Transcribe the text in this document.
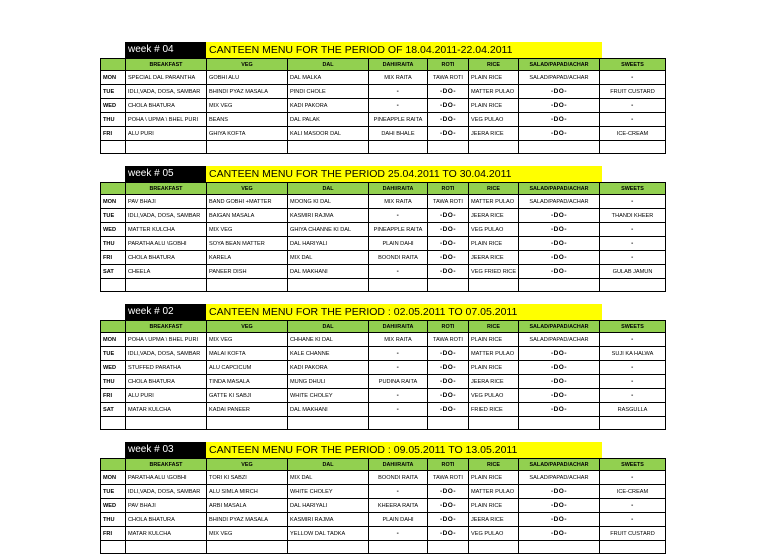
week # 04	CANTEEN MENU FOR THE PERIOD OF 18.04.2011-22.04.2011
	BREAKFAST	VEG	DAL	DAHI/RAITA	ROTI	RICE	SALAD/PAPAD/ACHAR	SWEETS
MON	SPECIAL DAL PARANTHA	GOBHI ALU	DAL MALKA	MIX RAITA	TAWA ROTI	PLAIN RICE	SALAD/PAPAD/ACHAR	-
TUE	IDLI,VADA, DOSA, SAMBAR	BHINDI PYAZ MASALA	PINDI CHOLE	-	-DO-	MATTER PULAO	-DO-	FRUIT CUSTARD
WED	CHOLA BHATURA	MIX VEG	KADI PAKORA	-	-DO-	PLAIN RICE	-DO-	-
THU	POHA \ UPMA \ BHEL PURI	BEANS	DAL PALAK	PINEAPPLE RAITA	-DO-	VEG PULAO	-DO-	-
FRI	ALU PURI	GHIYA KOFTA	KALI MASOOR DAL	DAHI BHALE	-DO-	JEERA RICE	-DO-	ICE-CREAM

week # 05	CANTEEN MENU FOR THE PERIOD 25.04.2011 TO 30.04.2011
	BREAKFAST	VEG	DAL	DAHI/RAITA	ROTI	RICE	SALAD/PAPAD/ACHAR	SWEETS
MON	PAV BHAJI	BAND GOBHI +MATTER	MOONG KI DAL	MIX RAITA	TAWA ROTI	MATTER PULAO	SALAD/PAPAD/ACHAR	-
TUE	IDLI,VADA, DOSA, SAMBAR	BAIGAN MASALA	KASMIRI RAJMA	-	-DO-	JEERA RICE	-DO-	THANDI KHEER
WED	MATTER KULCHA	MIX VEG	GHIYA CHANNE KI DAL	PINEAPPLE RAITA	-DO-	VEG PULAO	-DO-	-
THU	PARATHA ALU \GOBHI	SOYA BEAN MATTER	DAL HARIYALI	PLAIN DAHI	-DO-	PLAIN RICE	-DO-	-
FRI	CHOLA BHATURA	KARELA	MIX DAL	BOONDI RAITA	-DO-	JEERA RICE	-DO-	-
SAT	CHEELA	PANEER DISH	DAL MAKHANI	-	-DO-	VEG FRIED RICE	-DO-	GULAB JAMUN

week # 02	CANTEEN MENU FOR THE PERIOD : 02.05.2011 TO 07.05.2011
	BREAKFAST	VEG	DAL	DAHI/RAITA	ROTI	RICE	SALAD/PAPAD/ACHAR	SWEETS
MON	POHA \ UPMA \ BHEL PURI	MIX VEG	CHHANE KI DAL	MIX RAITA	TAWA ROTI	PLAIN RICE	SALAD/PAPAD/ACHAR	-
TUE	IDLI,VADA, DOSA, SAMBAR	MALAI KOFTA	KALE CHANNE	-	-DO-	MATTER PULAO	-DO-	SUJI KA HALWA
WED	STUFFED PARATHA	ALU CAPCICUM	KADI PAKORA	-	-DO-	PLAIN RICE	-DO-	-
THU	CHOLA BHATURA	TINDA MASALA	MUNG DHULI	PUDINA RAITA	-DO-	JEERA RICE	-DO-	-
FRI	ALU PURI	GATTE KI SABJI	WHITE CHOLEY	-	-DO-	VEG PULAO	-DO-	-
SAT	MATAR KULCHA	KADAI PANEER	DAL MAKHANI	-	-DO-	FRIED RICE	-DO-	RASGULLA

week # 03	CANTEEN MENU FOR THE PERIOD : 09.05.2011 TO 13.05.2011
	BREAKFAST	VEG	DAL	DAHI/RAITA	ROTI	RICE	SALAD/PAPAD/ACHAR	SWEETS
MON	PARATHA ALU \GOBHI	TORI KI SABZI	MIX DAL	BOONDI RAITA	TAWA ROTI	PLAIN RICE	SALAD/PAPAD/ACHAR	-
TUE	IDLI,VADA, DOSA, SAMBAR	ALU SIMLA MIRCH	WHITE CHOLEY	-	-DO-	MATTER PULAO	-DO-	ICE-CREAM
WED	PAV BHAJI	ARBI MASALA	DAL HARIYALI	KHEERA RAITA	-DO-	PLAIN RICE	-DO-	-
THU	CHOLA BHATURA	BHINDI PYAZ MASALA	KASMIRI RAJMA	PLAIN DAHI	-DO-	JEERA RICE	-DO-	-
FRI	MATAR KULCHA	MIX VEG	YELLOW DAL TADKA	-	-DO-	VEG PULAO	-DO-	FRUIT CUSTARD
